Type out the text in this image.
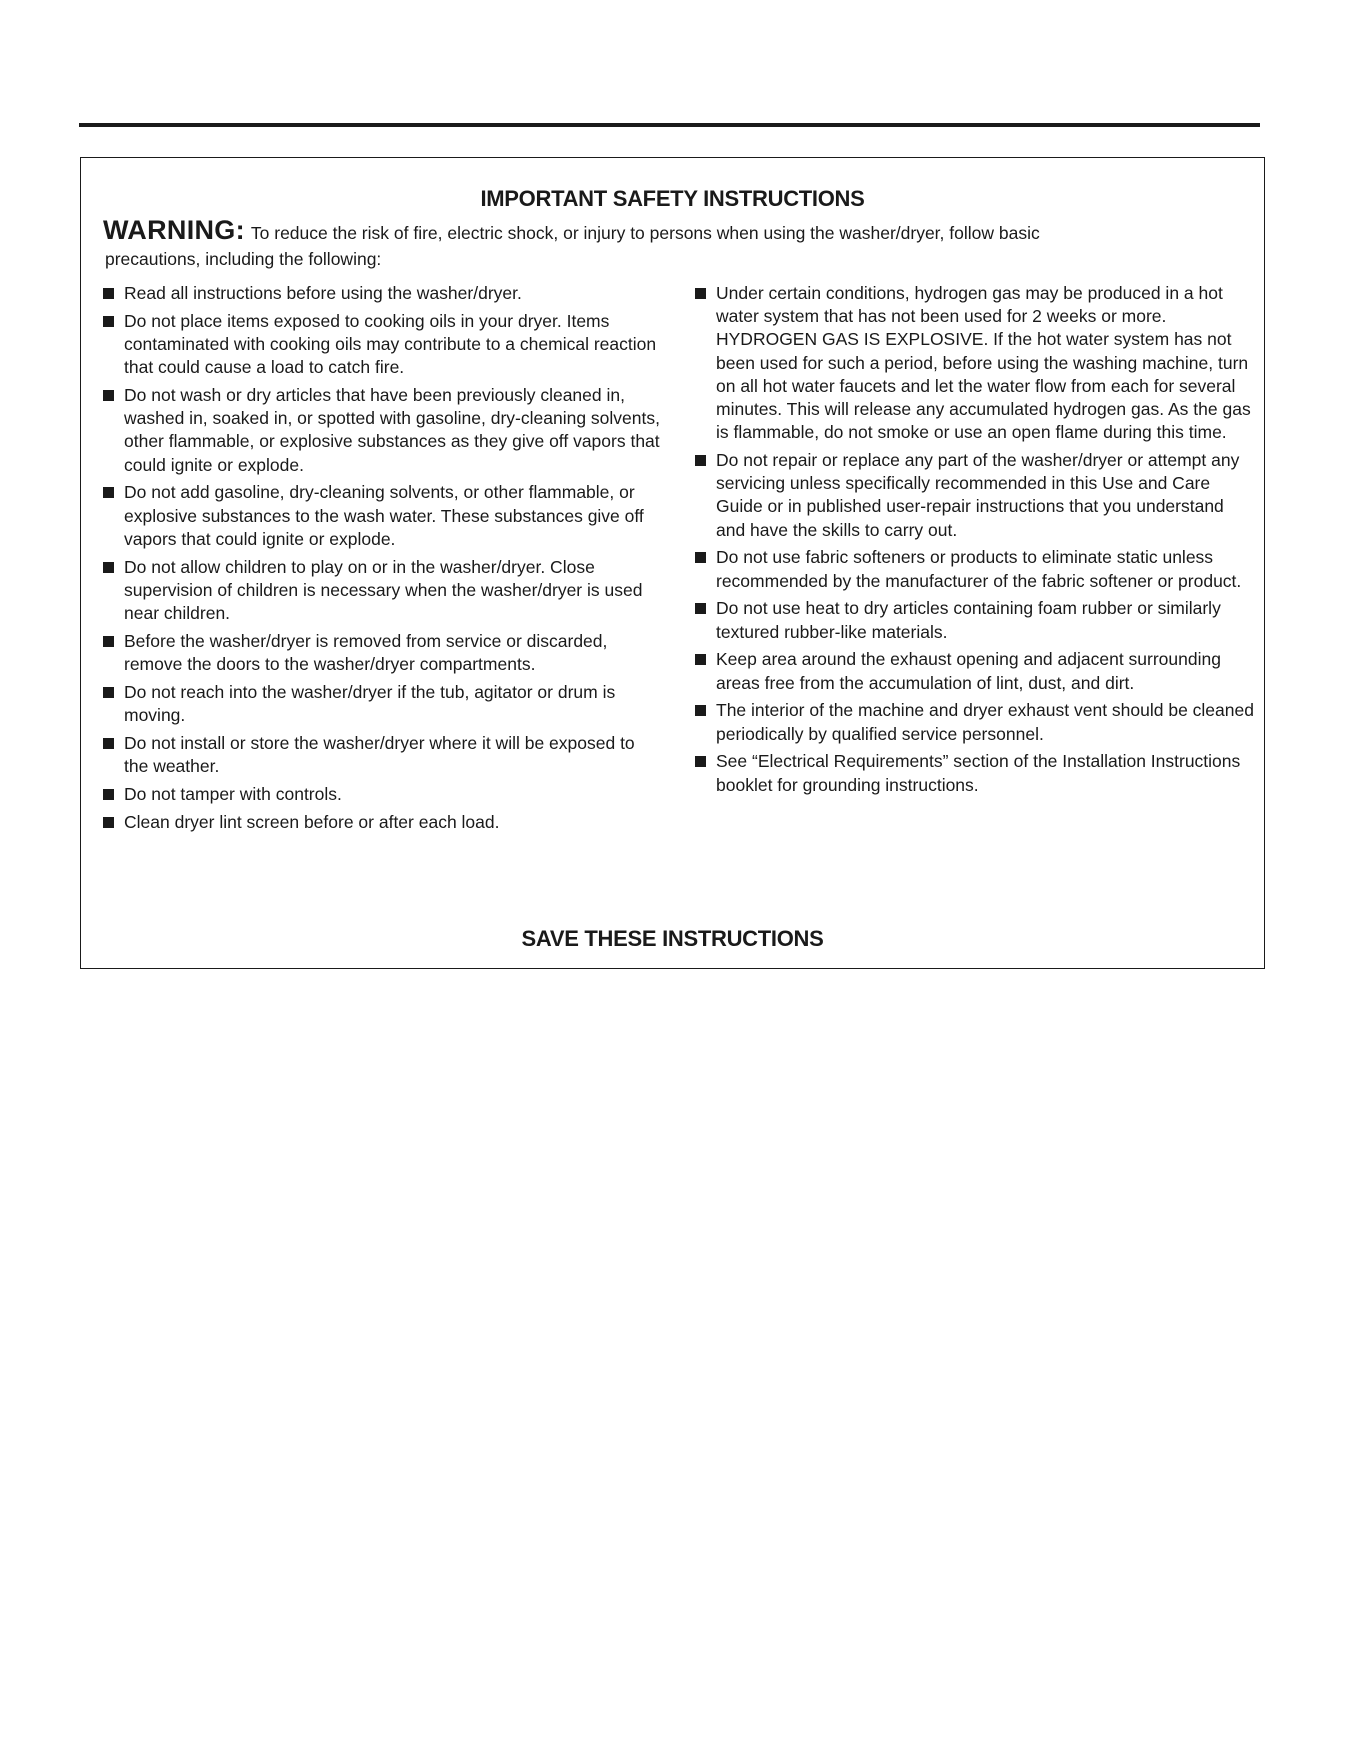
IMPORTANT SAFETY INSTRUCTIONS
WARNING: To reduce the risk of fire, electric shock, or injury to persons when using the washer/dryer, follow basic
precautions, including the following:
Read all instructions before using the washer/dryer.
Do not place items exposed to cooking oils in your dryer. Items contaminated with cooking oils may contribute to a chemical reaction that could cause a load to catch fire.
Do not wash or dry articles that have been previously cleaned in, washed in, soaked in, or spotted with gasoline, dry-cleaning solvents, other flammable, or explosive substances as they give off vapors that could ignite or explode.
Do not add gasoline, dry-cleaning solvents, or other flammable, or explosive substances to the wash water. These substances give off vapors that could ignite or explode.
Do not allow children to play on or in the washer/dryer. Close supervision of children is necessary when the washer/dryer is used near children.
Before the washer/dryer is removed from service or discarded, remove the doors to the washer/dryer compartments.
Do not reach into the washer/dryer if the tub, agitator or drum is moving.
Do not install or store the washer/dryer where it will be exposed to the weather.
Do not tamper with controls.
Clean dryer lint screen before or after each load.
Under certain conditions, hydrogen gas may be produced in a hot water system that has not been used for 2 weeks or more. HYDROGEN GAS IS EXPLOSIVE. If the hot water system has not been used for such a period, before using the washing machine, turn on all hot water faucets and let the water flow from each for several minutes. This will release any accumulated hydrogen gas. As the gas is flammable, do not smoke or use an open flame during this time.
Do not repair or replace any part of the washer/dryer or attempt any servicing unless specifically recommended in this Use and Care Guide or in published user-repair instructions that you understand and have the skills to carry out.
Do not use fabric softeners or products to eliminate static unless recommended by the manufacturer of the fabric softener or product.
Do not use heat to dry articles containing foam rubber or similarly textured rubber-like materials.
Keep area around the exhaust opening and adjacent surrounding areas free from the accumulation of lint, dust, and dirt.
The interior of the machine and dryer exhaust vent should be cleaned periodically by qualified service personnel.
See “Electrical Requirements” section of the Installation Instructions booklet for grounding instructions.
SAVE THESE INSTRUCTIONS
